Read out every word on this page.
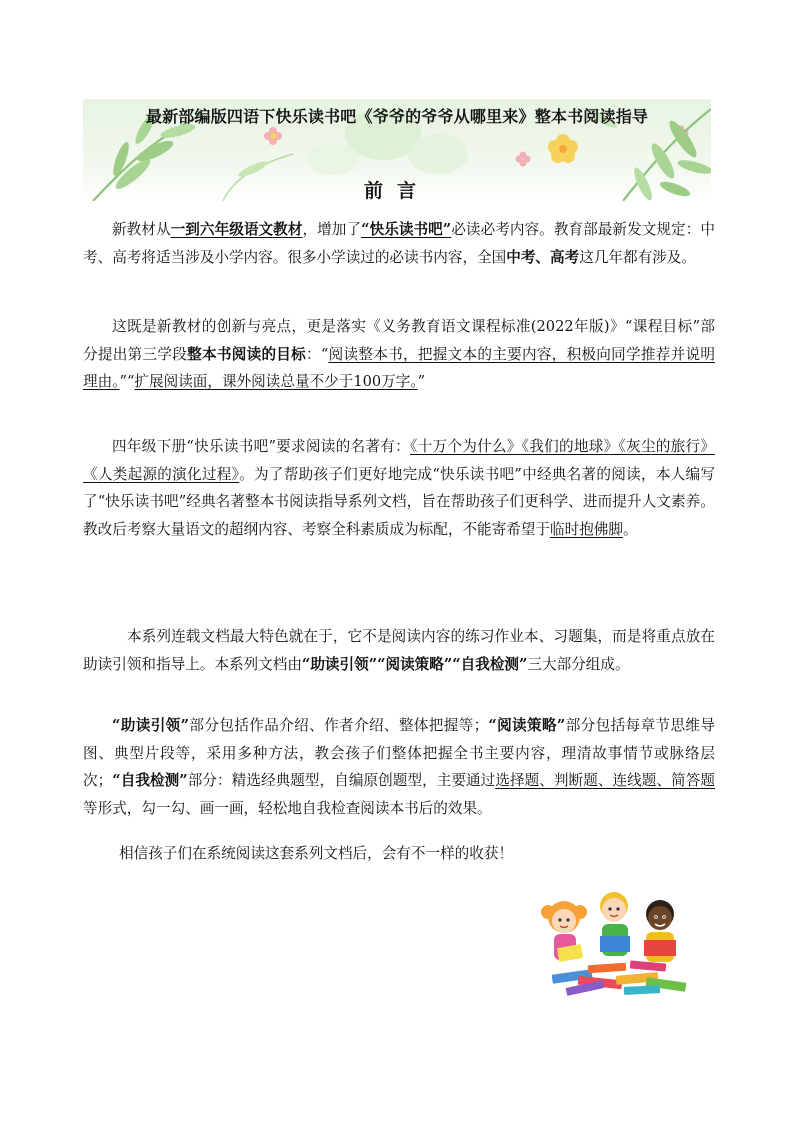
最新部编版四语下快乐读书吧《爷爷的爷爷从哪里来》整本书阅读指导
前言
新教材从一到六年级语文教材，增加了“快乐读书吧”必读必考内容。教育部最新发文规定：中考、高考将适当涉及小学内容。很多小学读过的必读书内容，全国中考、高考这几年都有涉及。
这既是新教材的创新与亮点，更是落实《义务教育语文课程标准(2022年版)》“课程目标”部分提出第三学段整本书阅读的目标：“阅读整本书，把握文本的主要内容，积极向同学推荐并说明理由。”“扩展阅读面，课外阅读总量不少于100万字。”
四年级下册“快乐读书吧”要求阅读的名著有：《十万个为什么》《我们的地球》《灰尘的旅行》《人类起源的演化过程》。为了帮助孩子们更好地完成“快乐读书吧”中经典名著的阅读，本人编写了“快乐读书吧”经典名著整本书阅读指导系列文档，旨在帮助孩子们更科学、进而提升人文素养。教改后考察大量语文的超纲内容、考察全科素质成为标配，不能寄希望于临时抱佛脚。
本系列连载文档最大特色就在于，它不是阅读内容的练习作业本、习题集，而是将重点放在助读引领和指导上。本系列文档由“助读引领”“阅读策略”“自我检测”三大部分组成。
“助读引领”部分包括作品介绍、作者介绍、整体把握等；“阅读策略”部分包括每章节思维导图、典型片段等，采用多种方法，教会孩子们整体把握全书主要内容，理清故事情节或脉络层次；“自我检测”部分：精选经典题型，自编原创题型，主要通过选择题、判断题、连线题、简答题等形式，勾一勾、画一画，轻松地自我检查阅读本书后的效果。
相信孩子们在系统阅读这套系列文档后，会有不一样的收获！
